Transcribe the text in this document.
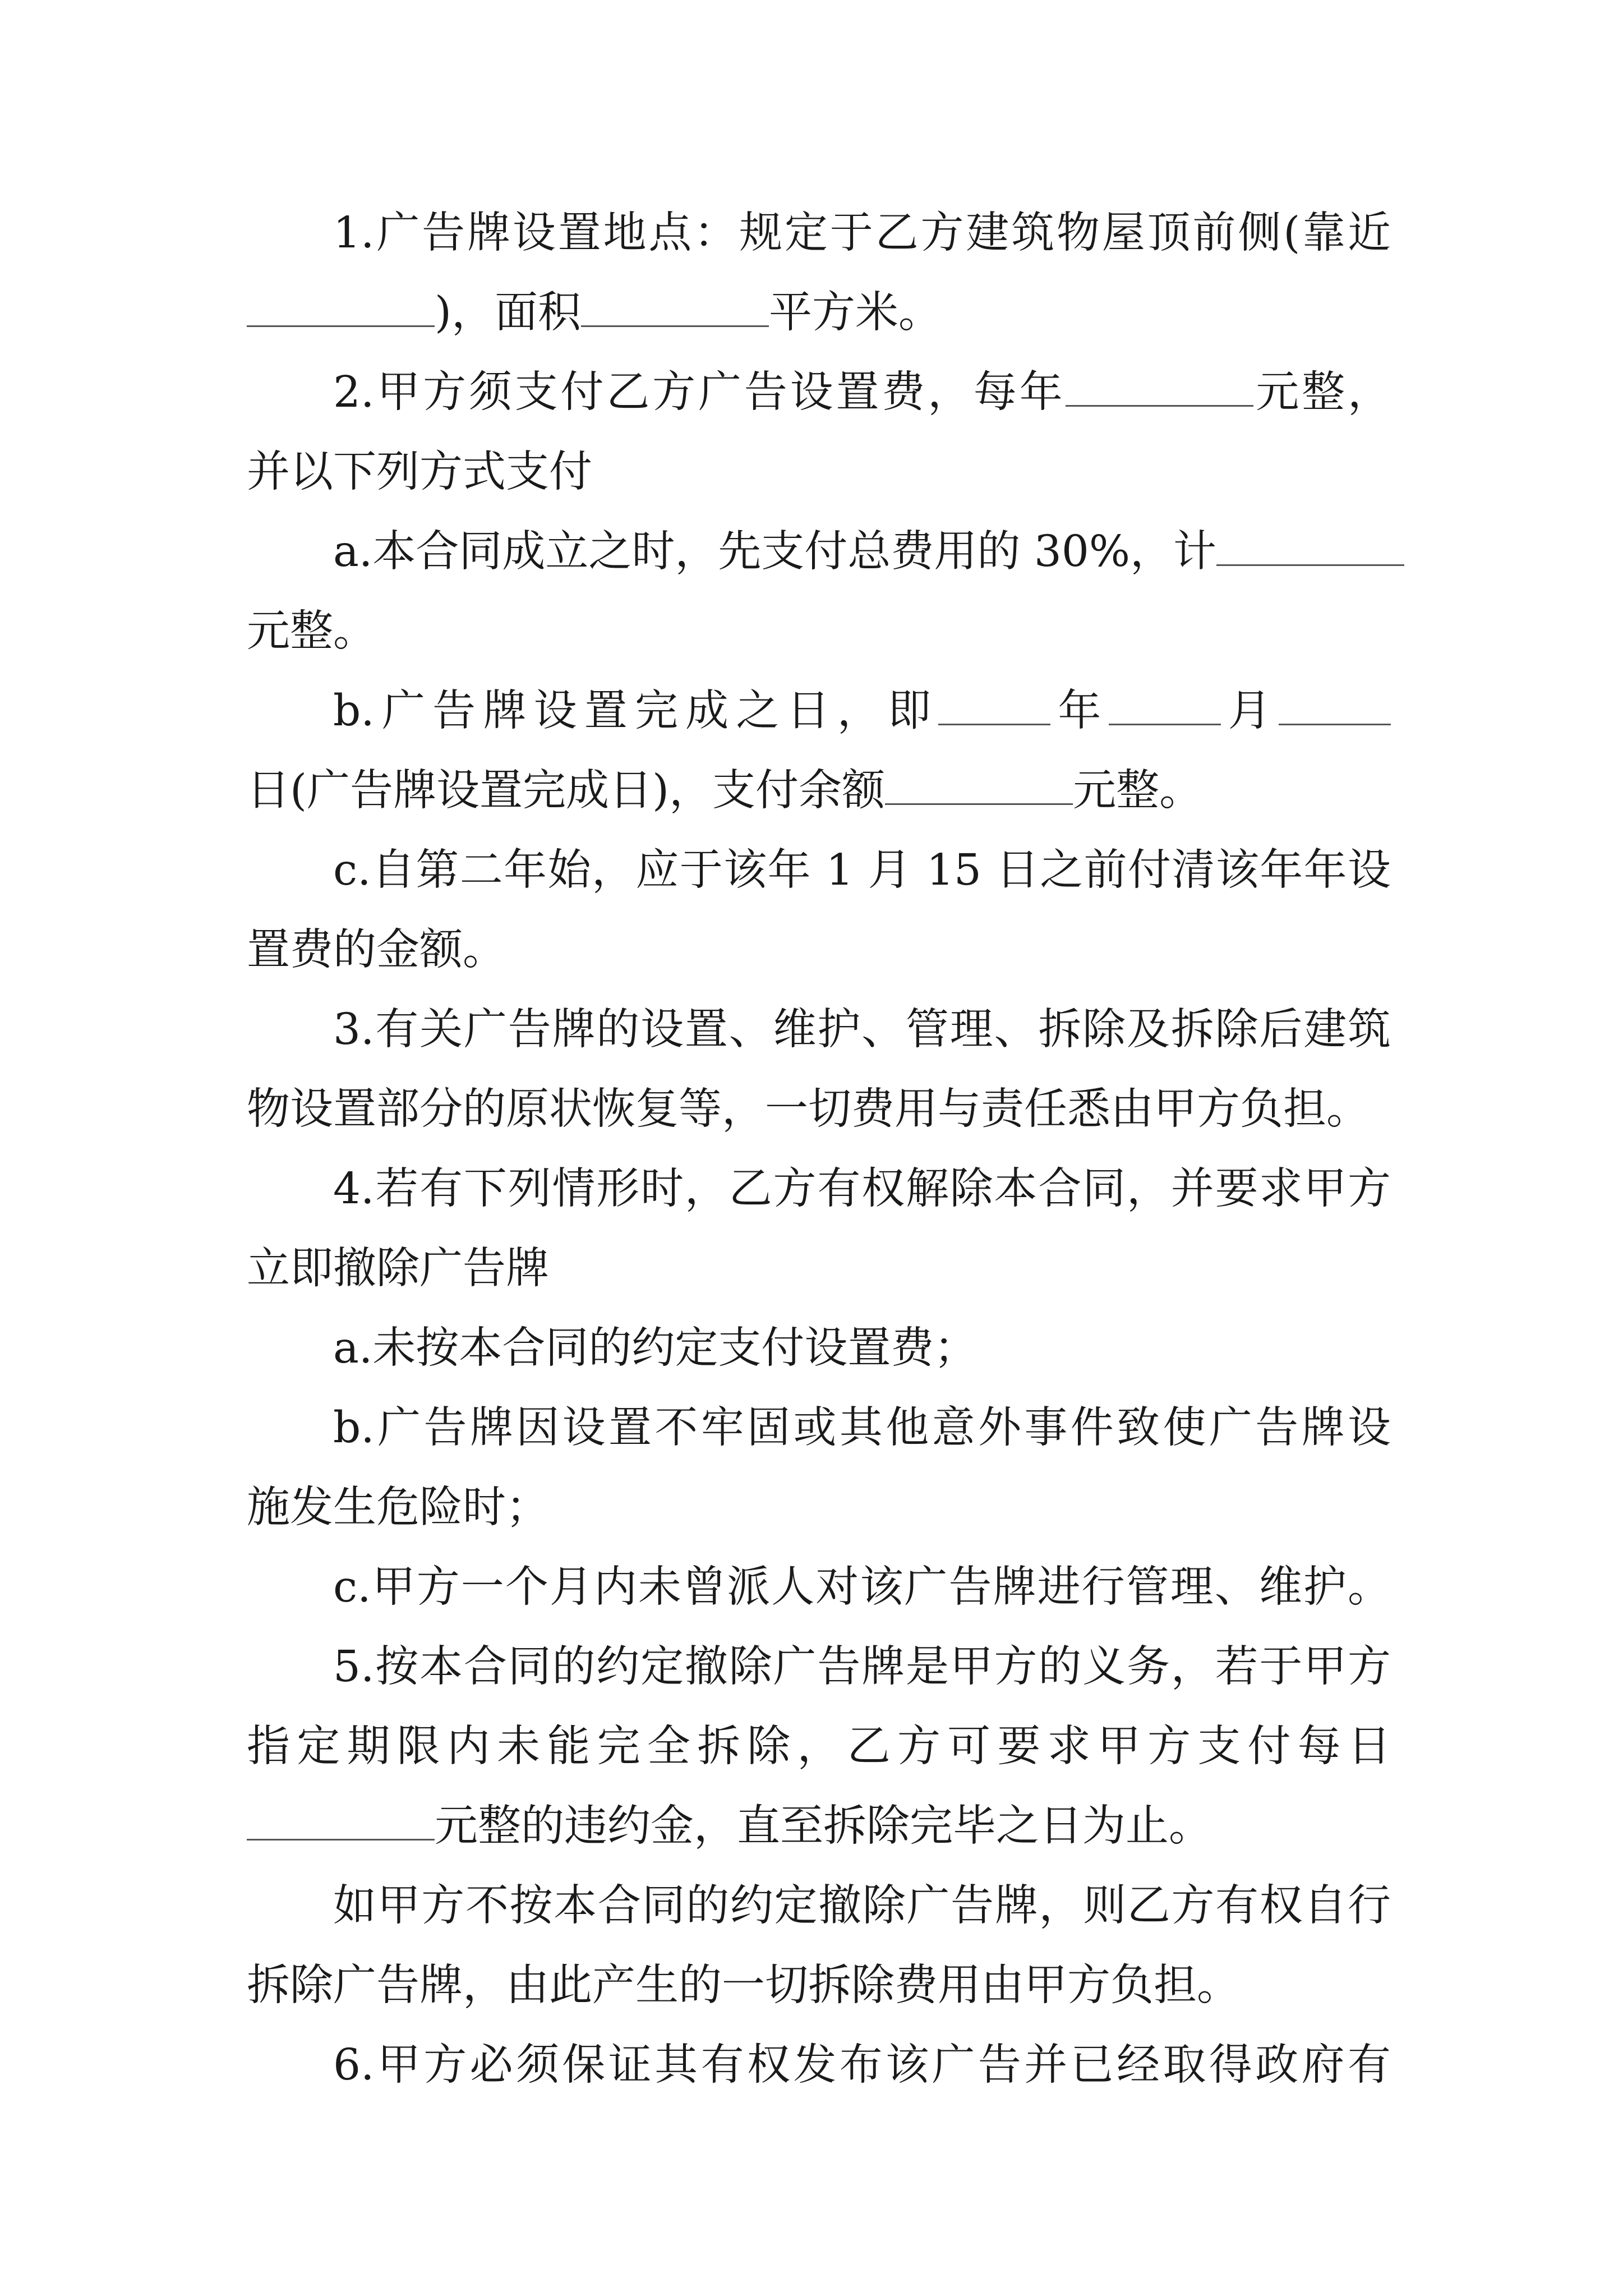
1.广告牌设置地点：规定于乙方建筑物屋顶前侧(靠近
)，面积	平方米。
2.甲方须支付乙方广告设置费，每年	元整，
并以下列方式支付
a.本合同成立之时，先支付总费用的 30%，计
元整。
b.广告牌设置完成之日，即	年	月
日(广告牌设置完成日)，支付余额	元整。
c.自第二年始，应于该年 1 月 15 日之前付清该年年设
置费的金额。
3.有关广告牌的设置、维护、管理、拆除及拆除后建筑
物设置部分的原状恢复等，一切费用与责任悉由甲方负担。
4.若有下列情形时，乙方有权解除本合同，并要求甲方
立即撤除广告牌
a.未按本合同的约定支付设置费；
b.广告牌因设置不牢固或其他意外事件致使广告牌设
施发生危险时；
c.甲方一个月内未曾派人对该广告牌进行管理、维护。
5.按本合同的约定撤除广告牌是甲方的义务，若于甲方
指定期限内未能完全拆除，乙方可要求甲方支付每日
元整的违约金，直至拆除完毕之日为止。
如甲方不按本合同的约定撤除广告牌，则乙方有权自行
拆除广告牌，由此产生的一切拆除费用由甲方负担。
6.甲方必须保证其有权发布该广告并已经取得政府有
